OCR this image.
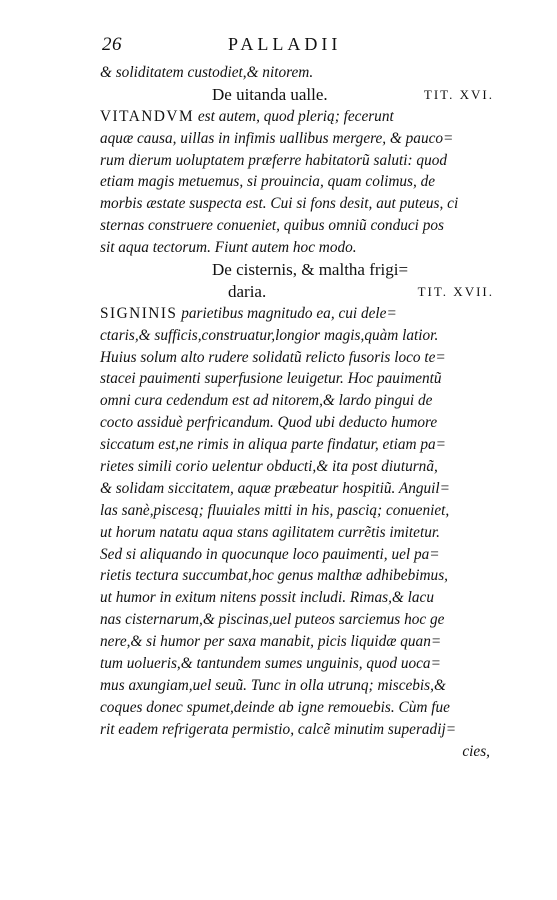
26	PALLADII
& soliditatem custodiet,& nitorem.
De uitanda ualle.	TIT. XVI.
VITANDVM est autem, quod plerią; fecerunt
aquæ causa, uillas in infimis uallibus mergere, & pauco=
rum dierum uoluptatem præferre habitatorũ saluti: quod
etiam magis metuemus, si prouincia, quam colimus, de
morbis æstate suspecta est. Cui si fons desit, aut puteus, ci
sternas construere conueniet, quibus omniũ conduci pos
sit aqua tectorum. Fiunt autem hoc modo.
De cisternis, & maltha frigi=
daria.	TIT. XVII.
SIGNINIS parietibus magnitudo ea, cui dele=
ctaris,& sufficis,construatur,longior magis,quàm latior.
Huius solum alto rudere solidatũ relicto fusoris loco te=
stacei pauimenti superfusione leuigetur. Hoc pauimentũ
omni cura cedendum est ad nitorem,& lardo pingui de
cocto assiduè perfricandum. Quod ubi deducto humore
siccatum est,ne rimis in aliqua parte findatur, etiam pa=
rietes simili corio uelentur obducti,& ita post diuturnã,
& solidam siccitatem, aquæ præbeatur hospitiũ. Anguil=
las sanè,piscesą; fluuiales mitti in his, pascią; conueniet,
ut horum natatu aqua stans agilitatem currẽtis imitetur.
Sed si aliquando in quocunque loco pauimenti, uel pa=
rietis tectura succumbat,hoc genus malthæ adhibebimus,
ut humor in exitum nitens possit includi. Rimas,& lacu
nas cisternarum,& piscinas,uel puteos sarciemus hoc ge
nere,& si humor per saxa manabit, picis liquidæ quan=
tum uolueris,& tantundem sumes unguinis, quod uoca=
mus axungiam,uel seuũ. Tunc in olla utrunq; miscebis,&
coques donec spumet,deinde ab igne remouebis. Cùm fue
rit eadem refrigerata permistio, calcẽ minutim superadij=
cies,
